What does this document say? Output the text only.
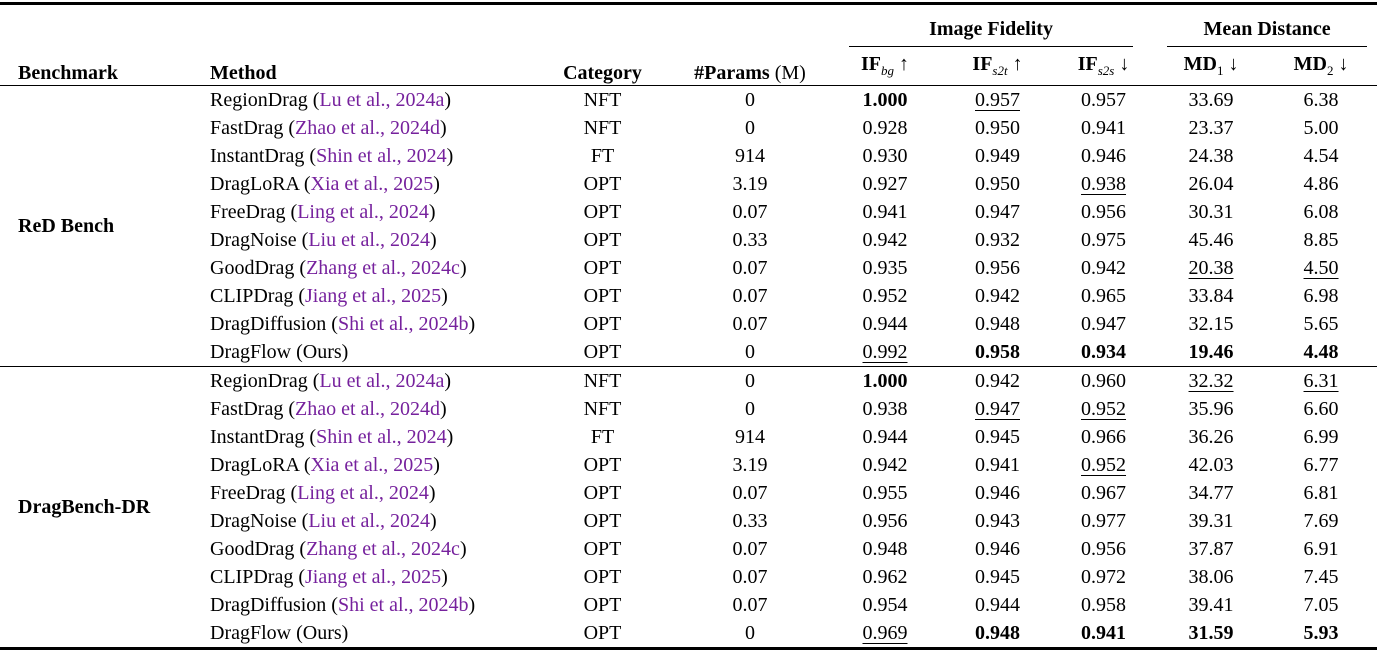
Benchmark	Method	Category	#Params (M)	Image Fidelity			Mean Distance	

				$IF_{bg}$ ↑	$IF_{s2t}$ ↑	$IF_{s2s}$ ↓	$MD_1$ ↓	$MD_2$ ↓
ReD Bench	RegionDrag (Lu et al., 2024a)	NFT	0	1.000	0.957	0.957	33.69	6.38
	FastDrag (Zhao et al., 2024d)	NFT	0	0.928	0.950	0.941	23.37	5.00
	InstantDrag (Shin et al., 2024)	FT	914	0.930	0.949	0.946	24.38	4.54
	DragLoRA (Xia et al., 2025)	OPT	3.19	0.927	0.950	0.938	26.04	4.86
	FreeDrag (Ling et al., 2024)	OPT	0.07	0.941	0.947	0.956	30.31	6.08
	DragNoise (Liu et al., 2024)	OPT	0.33	0.942	0.932	0.975	45.46	8.85
	GoodDrag (Zhang et al., 2024c)	OPT	0.07	0.935	0.956	0.942	20.38	4.50
	CLIPDrag (Jiang et al., 2025)	OPT	0.07	0.952	0.942	0.965	33.84	6.98
	DragDiffusion (Shi et al., 2024b)	OPT	0.07	0.944	0.948	0.947	32.15	5.65
	DragFlow (Ours)	OPT	0	0.992	0.958	0.934	19.46	4.48
DragBench-DR	RegionDrag (Lu et al., 2024a)	NFT	0	1.000	0.942	0.960	32.32	6.31
	FastDrag (Zhao et al., 2024d)	NFT	0	0.938	0.947	0.952	35.96	6.60
	InstantDrag (Shin et al., 2024)	FT	914	0.944	0.945	0.966	36.26	6.99
	DragLoRA (Xia et al., 2025)	OPT	3.19	0.942	0.941	0.952	42.03	6.77
	FreeDrag (Ling et al., 2024)	OPT	0.07	0.955	0.946	0.967	34.77	6.81
	DragNoise (Liu et al., 2024)	OPT	0.33	0.956	0.943	0.977	39.31	7.69
	GoodDrag (Zhang et al., 2024c)	OPT	0.07	0.948	0.946	0.956	37.87	6.91
	CLIPDrag (Jiang et al., 2025)	OPT	0.07	0.962	0.945	0.972	38.06	7.45
	DragDiffusion (Shi et al., 2024b)	OPT	0.07	0.954	0.944	0.958	39.41	7.05
	DragFlow (Ours)	OPT	0	0.969	0.948	0.941	31.59	5.93
